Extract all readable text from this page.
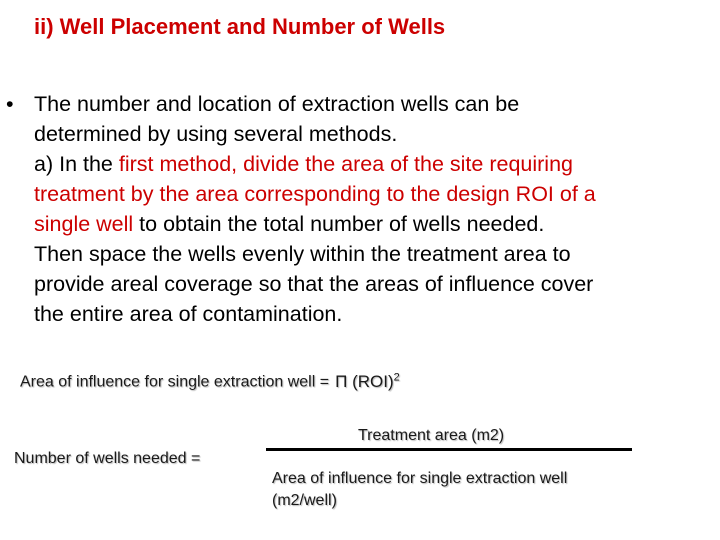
ii) Well Placement and Number of Wells
• The number and location of extraction wells can be
determined by using several methods.
a) In the first method, divide the area of the site requiring
treatment by the area corresponding to the design ROI of a
single well to obtain the total number of wells needed.
Then space the wells evenly within the treatment area to
provide areal coverage so that the areas of influence cover
the entire area of contamination.
Area of influence for single extraction well = Π (ROI)$^2$
Number of wells needed =
Treatment area (m2)
Area of influence for single extraction well
(m2/well)
